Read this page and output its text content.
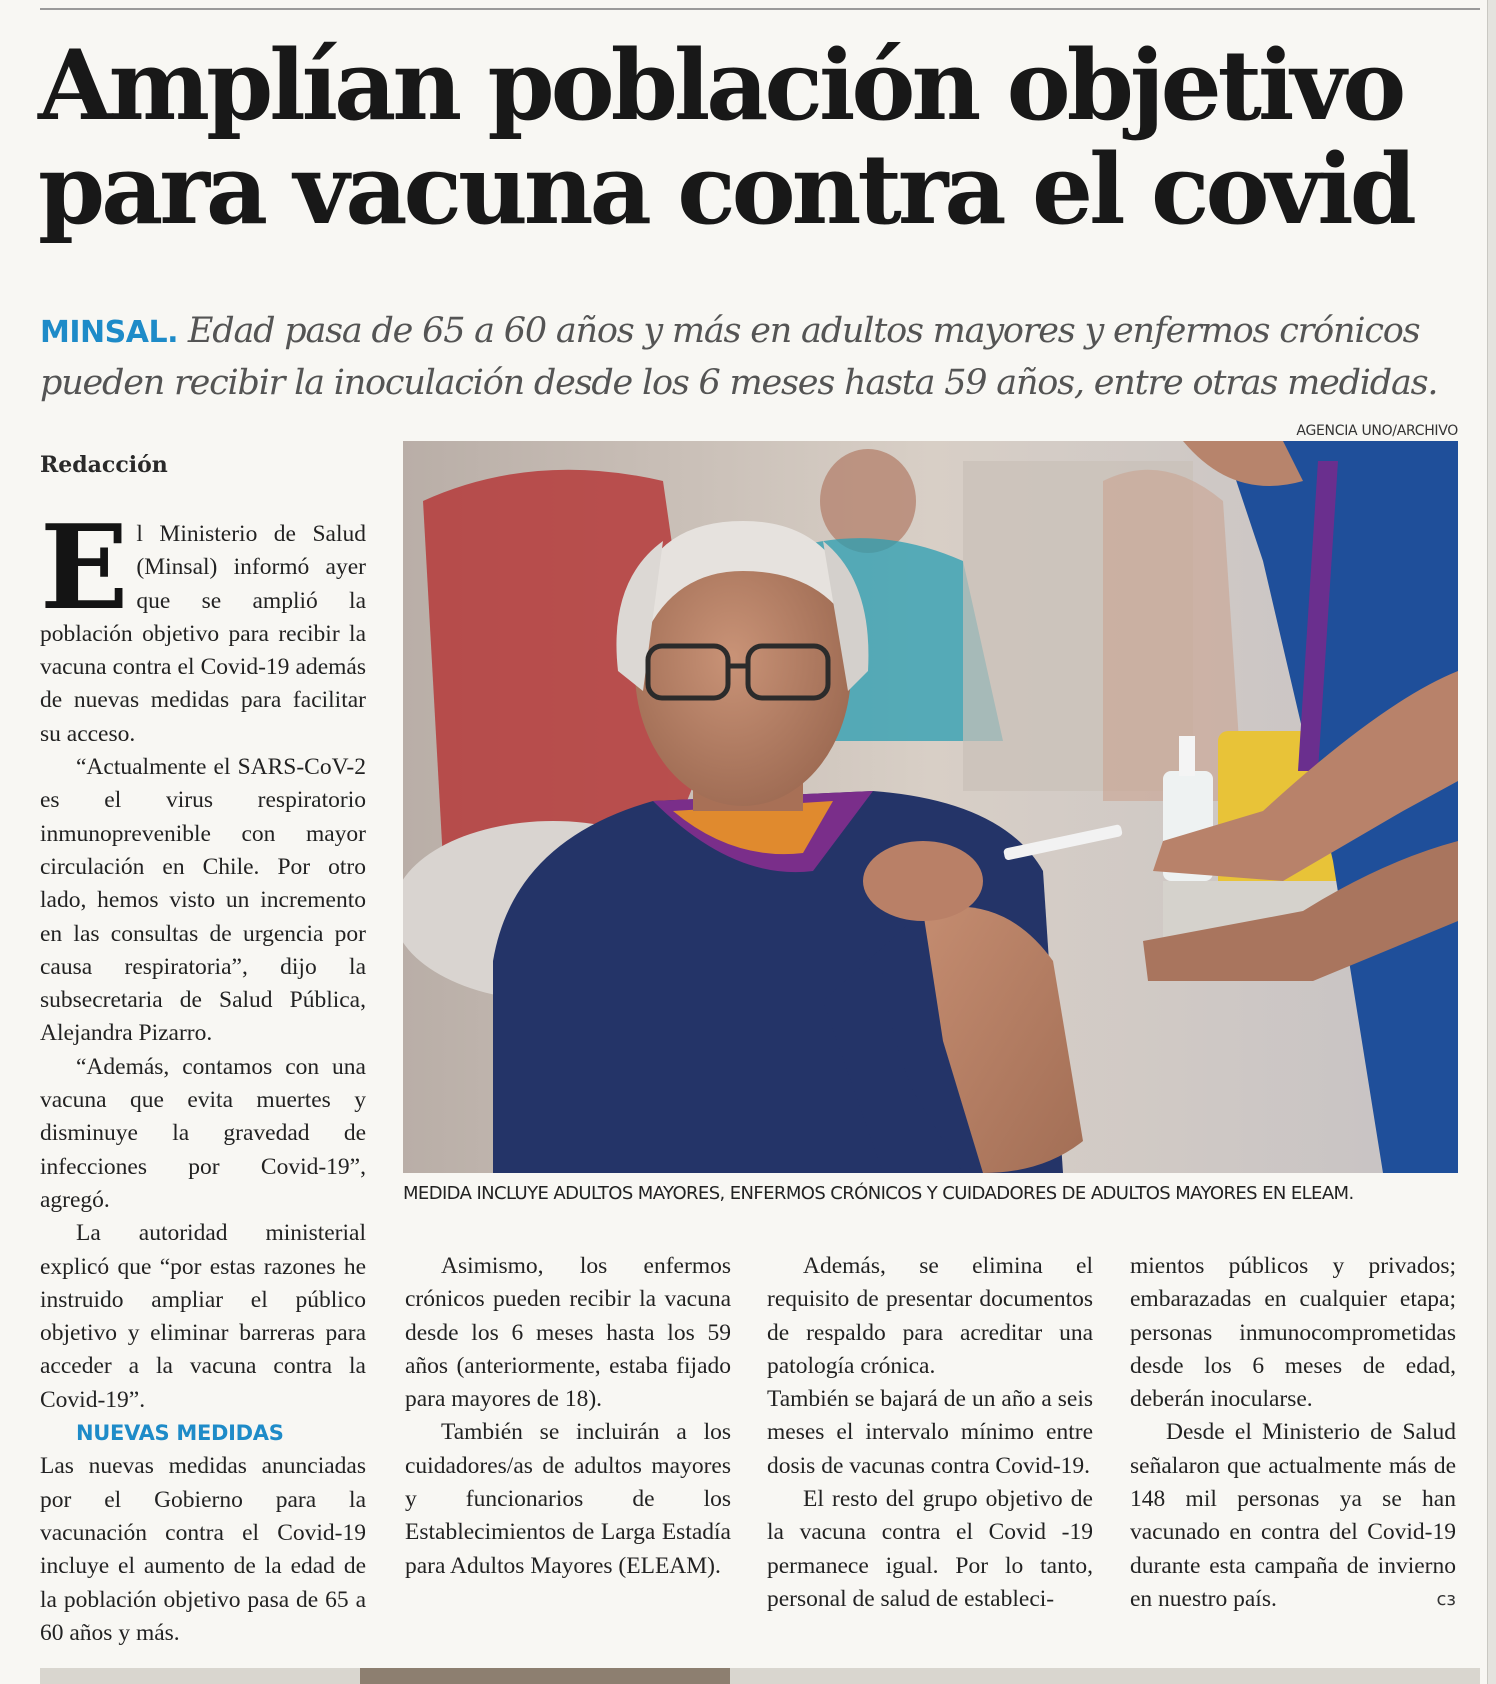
Amplían población objetivo
para vacuna contra el covid

MINSAL. Edad pasa de 65 a 60 años y más en adultos mayores y enfermos crónicos pueden recibir la inoculación desde los 6 meses hasta 59 años, entre otras medidas.

Redacción

AGENCIA UNO/ARCHIVO

MEDIDA INCLUYE ADULTOS MAYORES, ENFERMOS CRÓNICOS Y CUIDADORES DE ADULTOS MAYORES EN ELEAM.

El Ministerio de Salud (Minsal) informó ayer que se amplió la población objetivo para recibir la vacuna contra el Covid-19 además de nuevas medidas para facilitar su acceso.

“Actualmente el SARS-CoV-2 es el virus respiratorio inmunoprevenible con mayor circulación en Chile. Por otro lado, hemos visto un incremento en las consultas de urgencia por causa respiratoria”, dijo la subsecretaria de Salud Pública, Alejandra Pizarro.

“Además, contamos con una vacuna que evita muertes y disminuye la gravedad de infecciones por Covid-19”, agregó.

La autoridad ministerial explicó que “por estas razones he instruido ampliar el público objetivo y eliminar barreras para acceder a la vacuna contra la Covid-19”.

NUEVAS MEDIDAS

Las nuevas medidas anunciadas por el Gobierno para la vacunación contra el Covid-19 incluye el aumento de la edad de la población objetivo pasa de 65 a 60 años y más.

Asimismo, los enfermos crónicos pueden recibir la vacuna desde los 6 meses hasta los 59 años (anteriormente, estaba fijado para mayores de 18).

También se incluirán a los cuidadores/as de adultos mayores y funcionarios de los Establecimientos de Larga Estadía para Adultos Mayores (ELEAM).

Además, se elimina el requisito de presentar documentos de respaldo para acreditar una patología crónica.

También se bajará de un año a seis meses el intervalo mínimo entre dosis de vacunas contra Covid-19.

El resto del grupo objetivo de la vacuna contra el Covid -19 permanece igual. Por lo tanto, personal de salud de estableci-

mientos públicos y privados; embarazadas en cualquier etapa; personas inmunocomprometidas desde los 6 meses de edad, deberán inocularse.

Desde el Ministerio de Salud señalaron que actualmente más de 148 mil personas ya se han vacunado en contra del Covid-19 durante esta campaña de invierno en nuestro país.	cз
